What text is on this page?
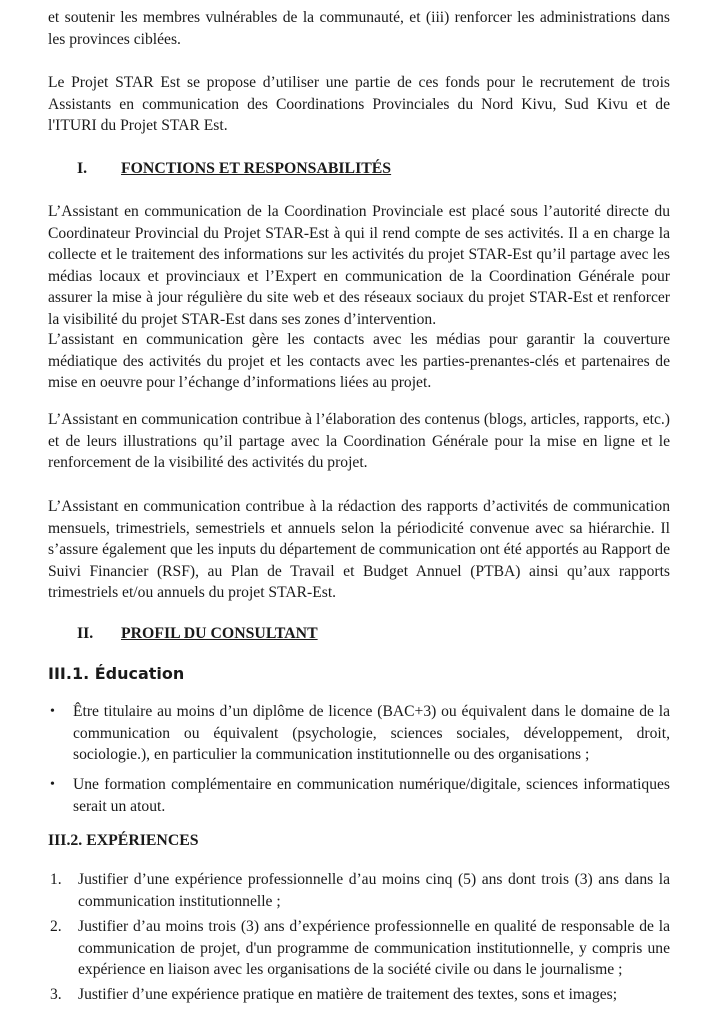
et soutenir les membres vulnérables de la communauté, et (iii) renforcer les administrations dans les provinces ciblées.

Le Projet STAR Est se propose d’utiliser une partie de ces fonds pour le recrutement de trois Assistants en communication des Coordinations Provinciales du Nord Kivu, Sud Kivu et de l'ITURI du Projet STAR Est.

I. FONCTIONS ET RESPONSABILITÉS

L’Assistant en communication de la Coordination Provinciale est placé sous l’autorité directe du Coordinateur Provincial du Projet STAR-Est à qui il rend compte de ses activités. Il a en charge la collecte et le traitement des informations sur les activités du projet STAR-Est qu’il partage avec les médias locaux et provinciaux et l’Expert en communication de la Coordination Générale pour assurer la mise à jour régulière du site web et des réseaux sociaux du projet STAR-Est et renforcer la visibilité du projet STAR-Est dans ses zones d’intervention.

L’assistant en communication gère les contacts avec les médias pour garantir la couverture médiatique des activités du projet et les contacts avec les parties-prenantes-clés et partenaires de mise en oeuvre pour l’échange d’informations liées au projet.

L’Assistant en communication contribue à l’élaboration des contenus (blogs, articles, rapports, etc.) et de leurs illustrations qu’il partage avec la Coordination Générale pour la mise en ligne et le renforcement de la visibilité des activités du projet.

L’Assistant en communication contribue à la rédaction des rapports d’activités de communication mensuels, trimestriels, semestriels et annuels selon la périodicité convenue avec sa hiérarchie. Il s’assure également que les inputs du département de communication ont été apportés au Rapport de Suivi Financier (RSF), au Plan de Travail et Budget Annuel (PTBA) ainsi qu’aux rapports trimestriels et/ou annuels du projet STAR-Est.

II. PROFIL DU CONSULTANT
III.1. Éducation
• Être titulaire au moins d’un diplôme de licence (BAC+3) ou équivalent dans le domaine de la communication ou équivalent (psychologie, sciences sociales, développement, droit, sociologie.), en particulier la communication institutionnelle ou des organisations ;

• Une formation complémentaire en communication numérique/digitale, sciences informatiques serait un atout.

III.2. EXPÉRIENCES
1. Justifier d’une expérience professionnelle d’au moins cinq (5) ans dont trois (3) ans dans la communication institutionnelle ;

2. Justifier d’au moins trois (3) ans d’expérience professionnelle en qualité de responsable de la communication de projet, d'un programme de communication institutionnelle, y compris une expérience en liaison avec les organisations de la société civile ou dans le journalisme ;

3. Justifier d’une expérience pratique en matière de traitement des textes, sons et images;
